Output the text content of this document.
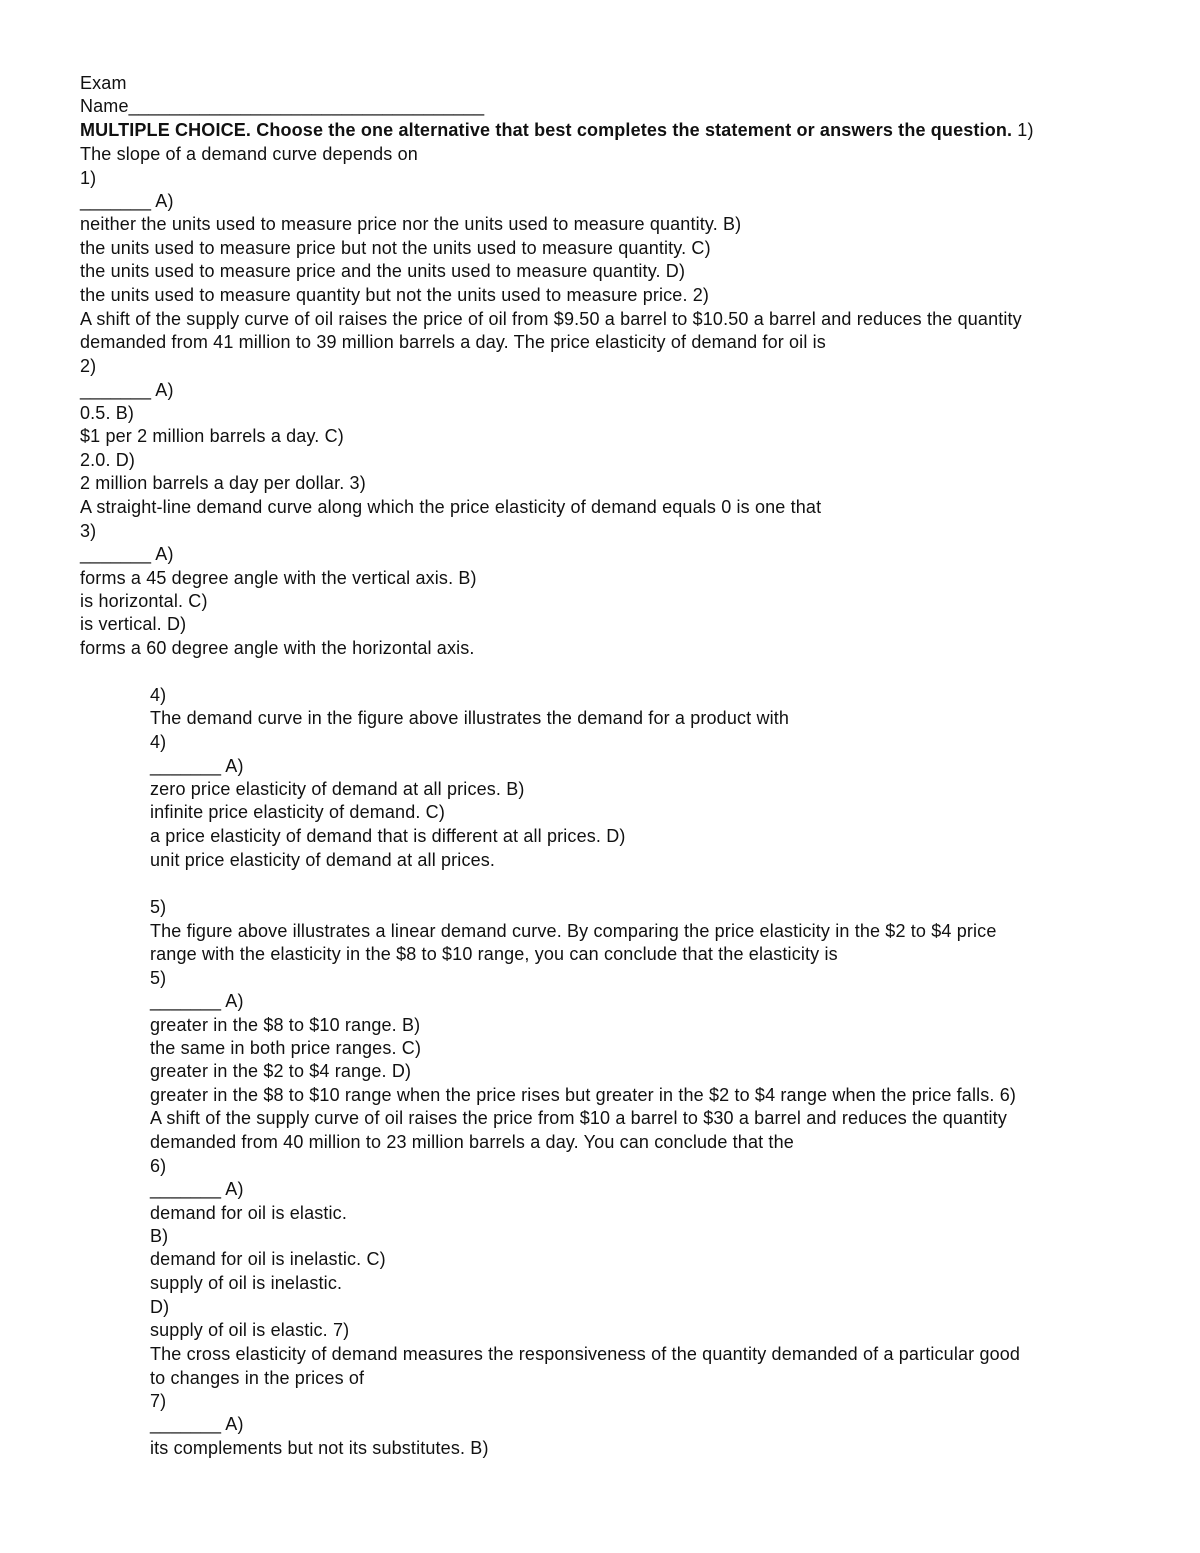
Exam
Name___________________________________
MULTIPLE CHOICE. Choose the one alternative that best completes the statement or answers the question. 1)
The slope of a demand curve depends on
1)
_______ A)
neither the units used to measure price nor the units used to measure quantity. B)
the units used to measure price but not the units used to measure quantity. C)
the units used to measure price and the units used to measure quantity. D)
the units used to measure quantity but not the units used to measure price. 2)
A shift of the supply curve of oil raises the price of oil from $9.50 a barrel to $10.50 a barrel and reduces the quantity
demanded from 41 million to 39 million barrels a day. The price elasticity of demand for oil is
2)
_______ A)
0.5. B)
$1 per 2 million barrels a day. C)
2.0. D)
2 million barrels a day per dollar. 3)
A straight-line demand curve along which the price elasticity of demand equals 0 is one that
3)
_______ A)
forms a 45 degree angle with the vertical axis. B)
is horizontal. C)
is vertical. D)
forms a 60 degree angle with the horizontal axis.
4)
The demand curve in the figure above illustrates the demand for a product with
4)
_______ A)
zero price elasticity of demand at all prices. B)
infinite price elasticity of demand. C)
a price elasticity of demand that is different at all prices. D)
unit price elasticity of demand at all prices.
5)
The figure above illustrates a linear demand curve. By comparing the price elasticity in the $2 to $4 price
range with the elasticity in the $8 to $10 range, you can conclude that the elasticity is
5)
_______ A)
greater in the $8 to $10 range. B)
the same in both price ranges. C)
greater in the $2 to $4 range. D)
greater in the $8 to $10 range when the price rises but greater in the $2 to $4 range when the price falls. 6)
A shift of the supply curve of oil raises the price from $10 a barrel to $30 a barrel and reduces the quantity
demanded from 40 million to 23 million barrels a day. You can conclude that the
6)
_______ A)
demand for oil is elastic.
B)
demand for oil is inelastic. C)
supply of oil is inelastic.
D)
supply of oil is elastic. 7)
The cross elasticity of demand measures the responsiveness of the quantity demanded of a particular good
to changes in the prices of
7)
_______ A)
its complements but not its substitutes. B)
